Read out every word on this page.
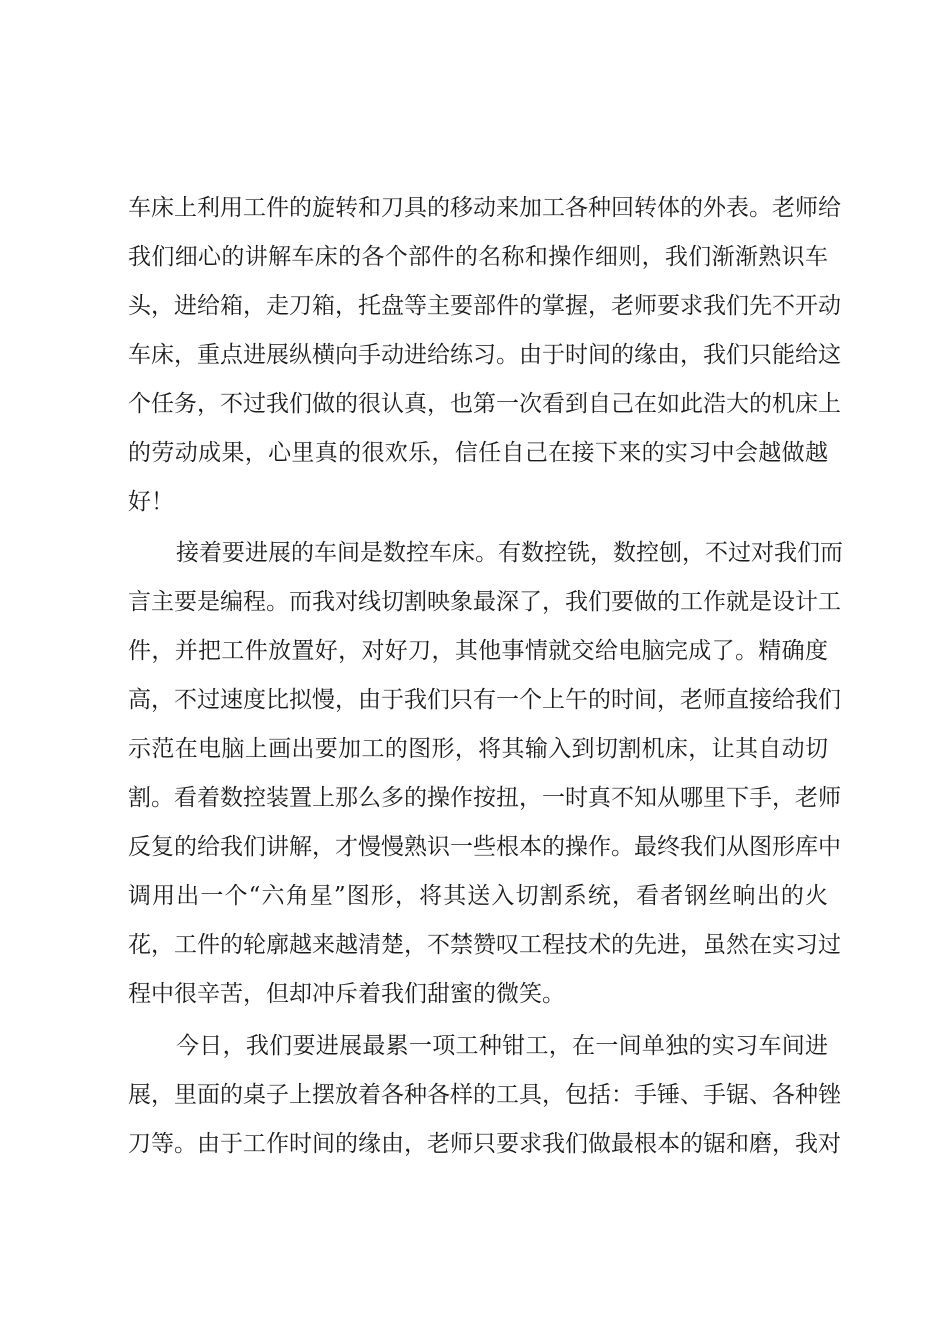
车床上利用工件的旋转和刀具的移动来加工各种回转体的外表。老师给
我们细心的讲解车床的各个部件的名称和操作细则，我们渐渐熟识车
头，进给箱，走刀箱，托盘等主要部件的掌握，老师要求我们先不开动
车床，重点进展纵横向手动进给练习。由于时间的缘由，我们只能给这
个任务，不过我们做的很认真，也第一次看到自己在如此浩大的机床上
的劳动成果，心里真的很欢乐，信任自己在接下来的实习中会越做越
好！
接着要进展的车间是数控车床。有数控铣，数控刨，不过对我们而
言主要是编程。而我对线切割映象最深了，我们要做的工作就是设计工
件，并把工件放置好，对好刀，其他事情就交给电脑完成了。精确度
高，不过速度比拟慢，由于我们只有一个上午的时间，老师直接给我们
示范在电脑上画出要加工的图形，将其输入到切割机床，让其自动切
割。看着数控装置上那么多的操作按扭，一时真不知从哪里下手，老师
反复的给我们讲解，才慢慢熟识一些根本的操作。最终我们从图形库中
调用出一个“六角星”图形，将其送入切割系统，看者钢丝晌出的火
花，工件的轮廓越来越清楚，不禁赞叹工程技术的先进，虽然在实习过
程中很辛苦，但却冲斥着我们甜蜜的微笑。
今日，我们要进展最累一项工种钳工，在一间单独的实习车间进
展，里面的桌子上摆放着各种各样的工具，包括：手锤、手锯、各种锉
刀等。由于工作时间的缘由，老师只要求我们做最根本的锯和磨，我对
